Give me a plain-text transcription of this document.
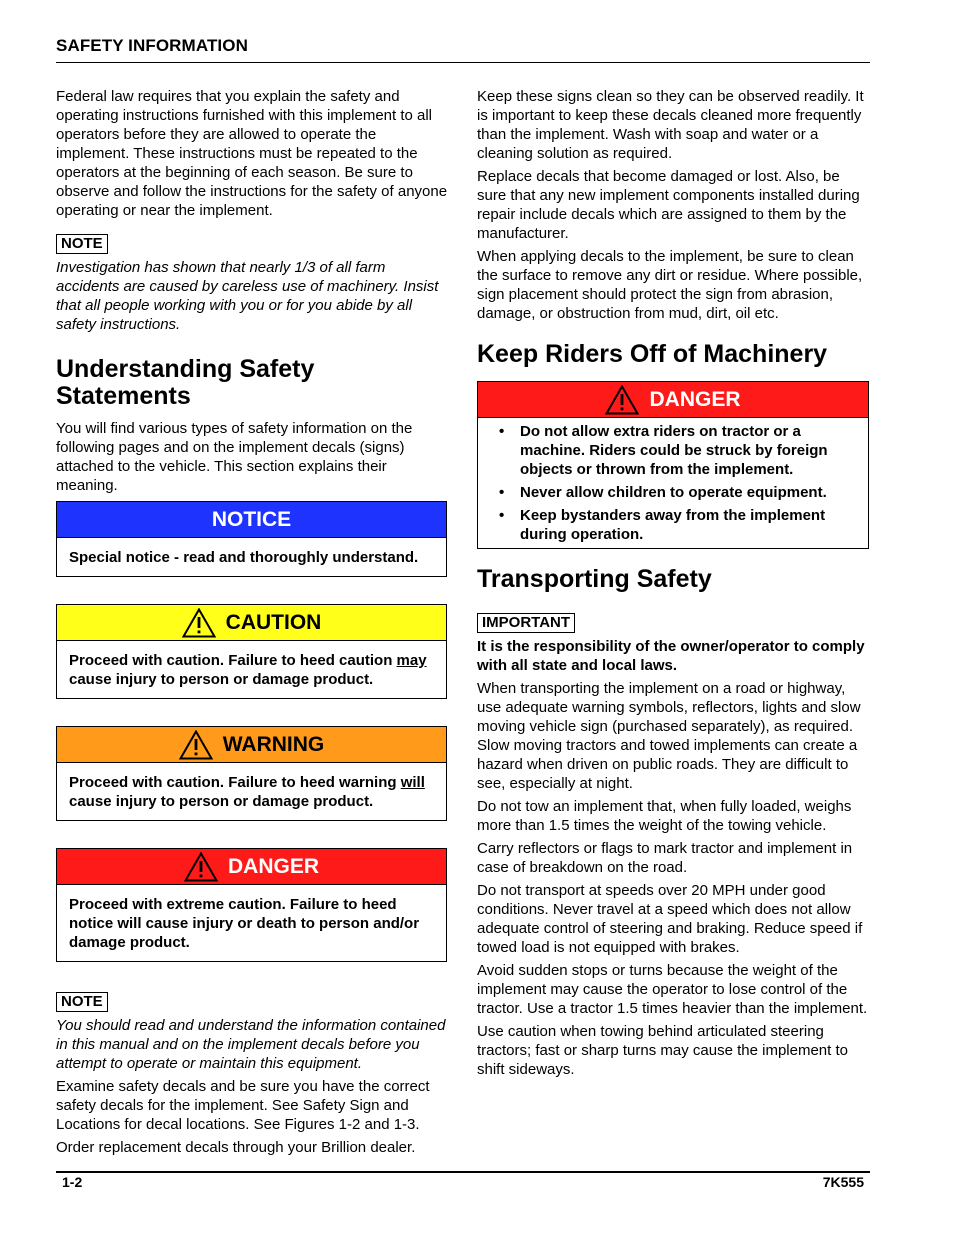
SAFETY INFORMATION
1-2	7K555

Federal law requires that you explain the safety and operating instructions furnished with this implement to all operators before they are allowed to operate the implement. These instructions must be repeated to the operators at the beginning of each season. Be sure to observe and follow the instructions for the safety of anyone operating or near the implement.

NOTE

Investigation has shown that nearly 1/3 of all farm accidents are caused by careless use of machinery. Insist that all people working with you or for you abide by all safety instructions.

Understanding Safety
Statements

You will find various types of safety information on the following pages and on the implement decals (signs) attached to the vehicle. This section explains their meaning.

NOTICE
Special notice - read and thoroughly understand.
CAUTION
Proceed with caution. Failure to heed caution may cause injury to person or damage product.
WARNING
Proceed with caution. Failure to heed warning will cause injury to person or damage product.
DANGER
Proceed with extreme caution. Failure to heed notice will cause injury or death to person and/or damage product.
NOTE

You should read and understand the information contained in this manual and on the implement decals before you attempt to operate or maintain this equipment.

Examine safety decals and be sure you have the correct safety decals for the implement. See Safety Sign and Locations for decal locations. See Figures 1-2 and 1-3.

Order replacement decals through your Brillion dealer.

Keep these signs clean so they can be observed readily. It is important to keep these decals cleaned more frequently than the implement. Wash with soap and water or a cleaning solution as required.

Replace decals that become damaged or lost. Also, be sure that any new implement components installed during repair include decals which are assigned to them by the manufacturer.

When applying decals to the implement, be sure to clean the surface to remove any dirt or residue. Where possible, sign placement should protect the sign from abrasion, damage, or obstruction from mud, dirt, oil etc.

Keep Riders Off of Machinery
DANGER
• Do not allow extra riders on tractor or a machine. Riders could be struck by foreign objects or thrown from the implement.
• Never allow children to operate equipment.
• Keep bystanders away from the implement during operation.
Transporting Safety
IMPORTANT

It is the responsibility of the owner/operator to comply with all state and local laws.

When transporting the implement on a road or highway, use adequate warning symbols, reflectors, lights and slow moving vehicle sign (purchased separately), as required. Slow moving tractors and towed implements can create a hazard when driven on public roads. They are difficult to see, especially at night.

Do not tow an implement that, when fully loaded, weighs more than 1.5 times the weight of the towing vehicle.

Carry reflectors or flags to mark tractor and implement in case of breakdown on the road.

Do not transport at speeds over 20 MPH under good conditions. Never travel at a speed which does not allow adequate control of steering and braking. Reduce speed if towed load is not equipped with brakes.

Avoid sudden stops or turns because the weight of the implement may cause the operator to lose control of the tractor. Use a tractor 1.5 times heavier than the implement.

Use caution when towing behind articulated steering tractors; fast or sharp turns may cause the implement to shift sideways.
